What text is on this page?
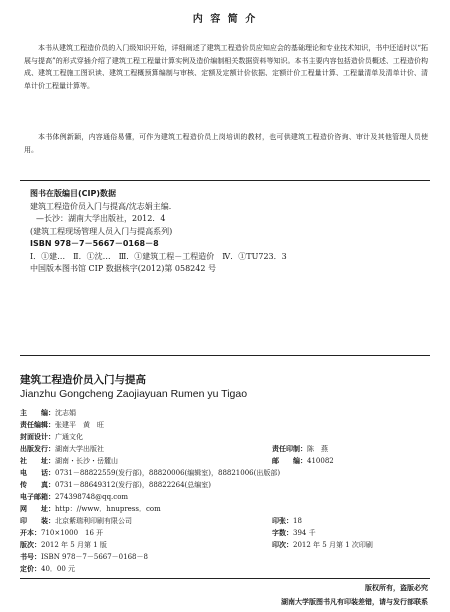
内 容 简 介

本书从建筑工程造价员的入门级知识开始，详细阐述了建筑工程造价员应知应会的基础理论和专业技术知识，书中还适时以“拓展与提高”的形式穿插介绍了建筑工程工程量计算实例及造价编制相关数据资料等知识。本书主要内容包括造价员概述、工程造价构成、建筑工程施工图识读、建筑工程概预算编制与审核、定额及定额计价依据、定额计价工程量计算、工程量清单及清单计价、清单计价工程量计算等。

本书体例新颖，内容通俗易懂，可作为建筑工程造价员上岗培训的教材，也可供建筑工程造价咨询、审计及其他管理人员使用。

图书在版编目(CIP)数据
建筑工程造价员入门与提高/沈志娟主编．
—长沙：湖南大学出版社，2012．4
(建筑工程现场管理人员入门与提高系列)
ISBN 978－7－5667－0168－8
Ⅰ．①建…　Ⅱ．①沈…　Ⅲ．①建筑工程－工程造价　Ⅳ．①TU723．3
中国版本图书馆 CIP 数据核字(2012)第 058242 号
建筑工程造价员入门与提高
Jianzhu Gongcheng Zaojiayuan Rumen yu Tigao
主　　编：沈志娟
责任编辑：张建平　黄　旺
封面设计：广通文化
责任印制：陈　燕
出版发行：湖南大学出版社
社　　址：湖南・长沙・岳麓山	邮　　编：410082
电　　话：0731－88822559(发行部)，88820006(编辑室)，88821006(出版部)
传　　真：0731－88649312(发行部)，88822264(总编室)
电子邮箱：274398748@qq.com
网　　址：http：//www．hnupress．com
印　　装：北京紫瑞利印刷有限公司	印张：18
开本：710×1000　16 开	字数：394 千
版次：2012 年 5 月第 1 版	印次：2012 年 5 月第 1 次印刷
书号：ISBN 978－7－5667－0168－8
定价：40．00 元
版权所有，盗版必究
湖南大学版图书凡有印装差错，请与发行部联系
